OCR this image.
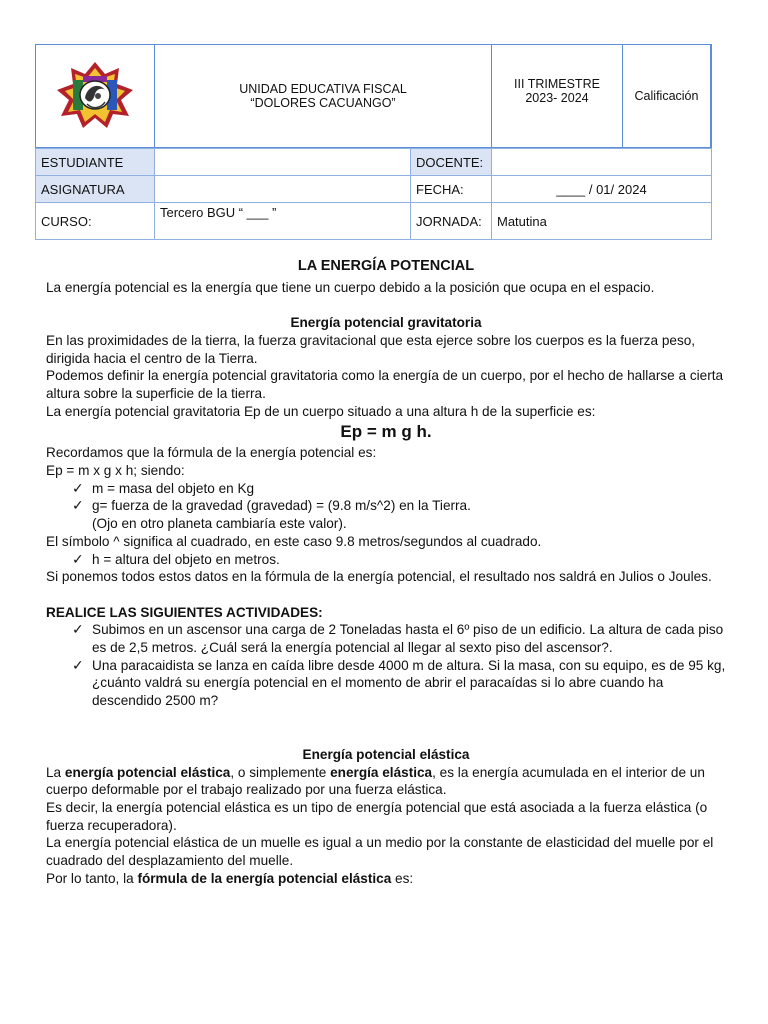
UNIDAD EDUCATIVA FISCAL
“DOLORES CACUANGO”

III TRIMESTRE
2023- 2024	Calificación
ESTUDIANTE		DOCENTE:	
ASIGNATURA		FECHA:	____ / 01/ 2024
CURSO:	Tercero BGU “ ___ ”	JORNADA:	Matutina

LA ENERGÍA POTENCIAL

La energía potencial es la energía que tiene un cuerpo debido a la posición que ocupa en el espacio.

Energía potencial gravitatoria

En las proximidades de la tierra, la fuerza gravitacional que esta ejerce sobre los cuerpos es la fuerza peso, dirigida hacia el centro de la Tierra.

Podemos definir la energía potencial gravitatoria como la energía de un cuerpo, por el hecho de hallarse a cierta altura sobre la superficie de la tierra.

La energía potencial gravitatoria Ep de un cuerpo situado a una altura h de la superficie es:

Ep = m g h.

Recordamos que la fórmula de la energía potencial es:

Ep = m x g x h; siendo:

✓ m = masa del objeto en Kg
✓ g= fuerza de la gravedad (gravedad) = (9.8 m/s^2) en la Tierra.

(Ojo en otro planeta cambiaría este valor).

El símbolo ^ significa al cuadrado, en este caso 9.8 metros/segundos al cuadrado.

✓ h = altura del objeto en metros.

Si ponemos todos estos datos en la fórmula de la energía potencial, el resultado nos saldrá en Julios o Joules.

REALICE LAS SIGUIENTES ACTIVIDADES:

✓ Subimos en un ascensor una carga de 2 Toneladas hasta el 6º piso de un edificio. La altura de cada piso es de 2,5 metros. ¿Cuál será la energía potencial al llegar al sexto piso del ascensor?.
✓ Una paracaidista se lanza en caída libre desde 4000 m de altura. Si la masa, con su equipo, es de 95 kg, ¿cuánto valdrá su energía potencial en el momento de abrir el paracaídas si lo abre cuando ha descendido 2500 m?

Energía potencial elástica

La energía potencial elástica, o simplemente energía elástica, es la energía acumulada en el interior de un cuerpo deformable por el trabajo realizado por una fuerza elástica.

Es decir, la energía potencial elástica es un tipo de energía potencial que está asociada a la fuerza elástica (o fuerza recuperadora).

La energía potencial elástica de un muelle es igual a un medio por la constante de elasticidad del muelle por el cuadrado del desplazamiento del muelle.

Por lo tanto, la fórmula de la energía potencial elástica es:
